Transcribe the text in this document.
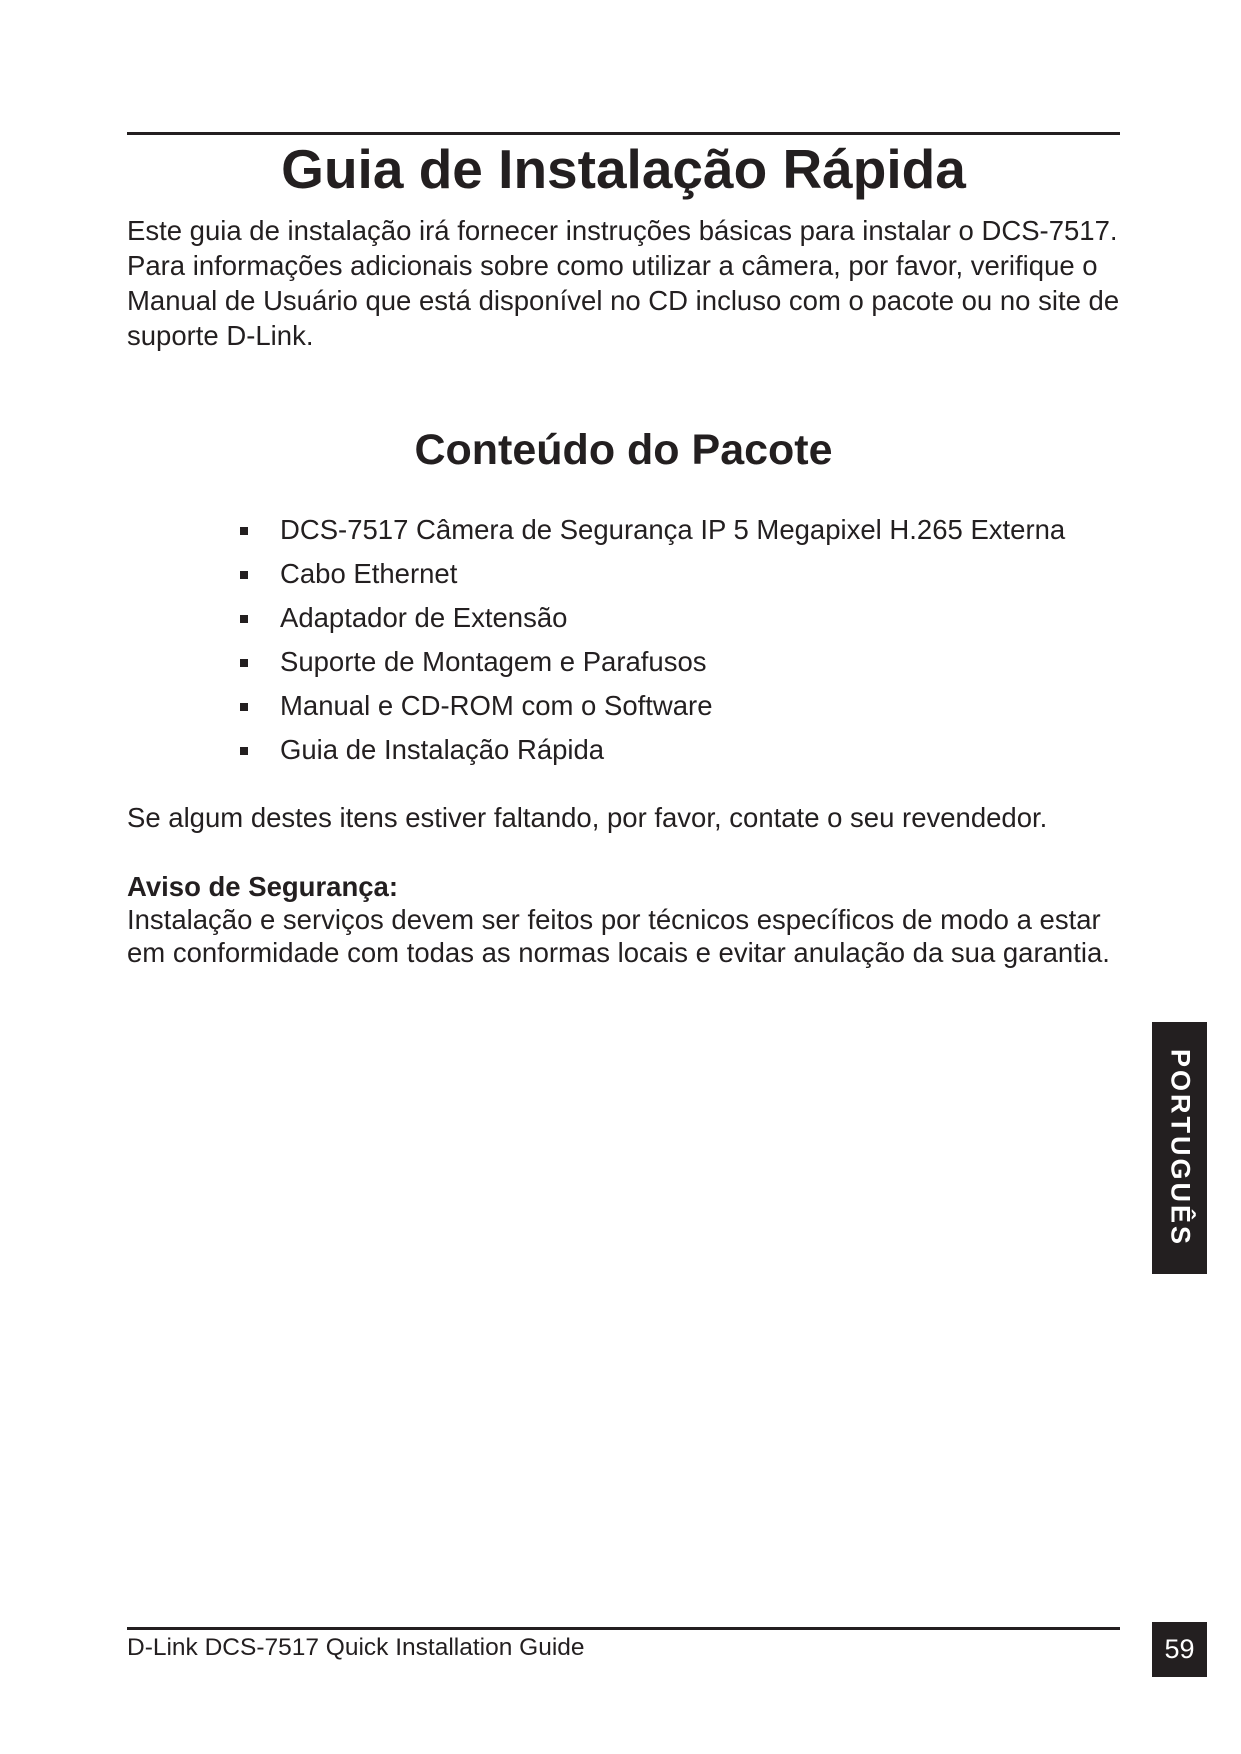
Guia de Instalação Rápida

Este guia de instalação irá fornecer instruções básicas para instalar o DCS-7517. Para informações adicionais sobre como utilizar a câmera, por favor, verifique o Manual de Usuário que está disponível no CD incluso com o pacote ou no site de suporte D-Link.

Conteúdo do Pacote
DCS-7517 Câmera de Segurança IP 5 Megapixel H.265 Externa
Cabo Ethernet
Adaptador de Extensão
Suporte de Montagem e Parafusos
Manual e CD-ROM com o Software
Guia de Instalação Rápida

Se algum destes itens estiver faltando, por favor, contate o seu revendedor.

Aviso de Segurança:

Instalação e serviços devem ser feitos por técnicos específicos de modo a estar em conformidade com todas as normas locais e evitar anulação da sua garantia.

PORTUGUÊS

D-Link DCS-7517 Quick Installation Guide	59
